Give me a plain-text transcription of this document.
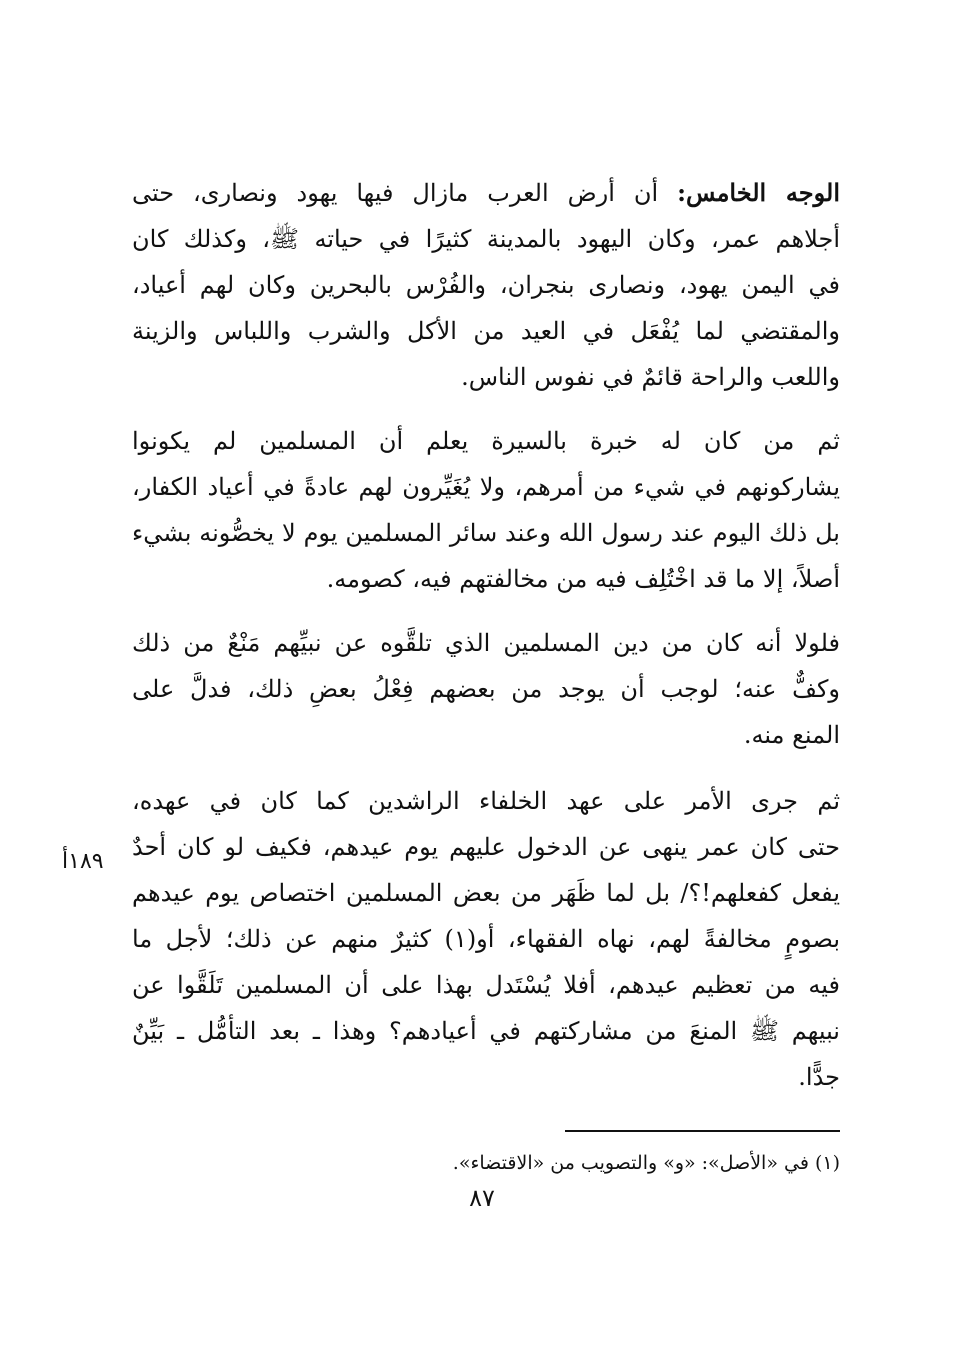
الوجه الخامس: أن أرض العرب مازال فيها يهود ونصارى، حتى
أجلاهم عمر، وكان اليهود بالمدينة كثيرًا في حياته ﷺ، وكذلك كان
في اليمن يهود، ونصارى بنجران، والفُرْس بالبحرين وكان لهم أعياد،
والمقتضي لما يُفْعَل في العيد من الأكل والشرب واللباس والزينة
واللعب والراحة قائمٌ في نفوس الناس.
ثم من كان له خبرة بالسيرة يعلم أن المسلمين لم يكونوا
يشاركونهم في شيء من أمرهم، ولا يُغَيِّرون لهم عادةً في أعياد الكفار،
بل ذلك اليوم عند رسول الله وعند سائر المسلمين يوم لا يخصُّونه بشيء
أصلاً، إلا ما قد اخْتُلِف فيه من مخالفتهم فيه، كصومه.
فلولا أنه كان من دين المسلمين الذي تلقَّوه عن نبيِّهم مَنْعٌ من ذلك
وكفٌّ عنه؛ لوجب أن يوجد من بعضهم فِعْلُ بعضِ ذلك، فدلَّ على
المنع منه.
ثم جرى الأمر على عهد الخلفاء الراشدين كما كان في عهده،
حتى كان عمر ينهى عن الدخول عليهم يوم عيدهم، فكيف لو كان أحدٌ
يفعل كفعلهم!؟/ بل لما ظَهَر من بعض المسلمين اختصاص يوم عيدهم
بصومٍ مخالفةً لهم، نهاه الفقهاء، أو(١) كثيرٌ منهم عن ذلك؛ لأجل ما
فيه من تعظيم عيدهم، أفلا يُسْتَدل بهذا على أن المسلمين تَلَقَّوا عن
نبيهم ﷺ المنعَ من مشاركتهم في أعيادهم؟ وهذا ـ بعد التأمُّل ـ بَيِّنٌ
جدًّا.
١٨٩أ
(١) في «الأصل»: «و» والتصويب من «الاقتضاء».
٨٧
